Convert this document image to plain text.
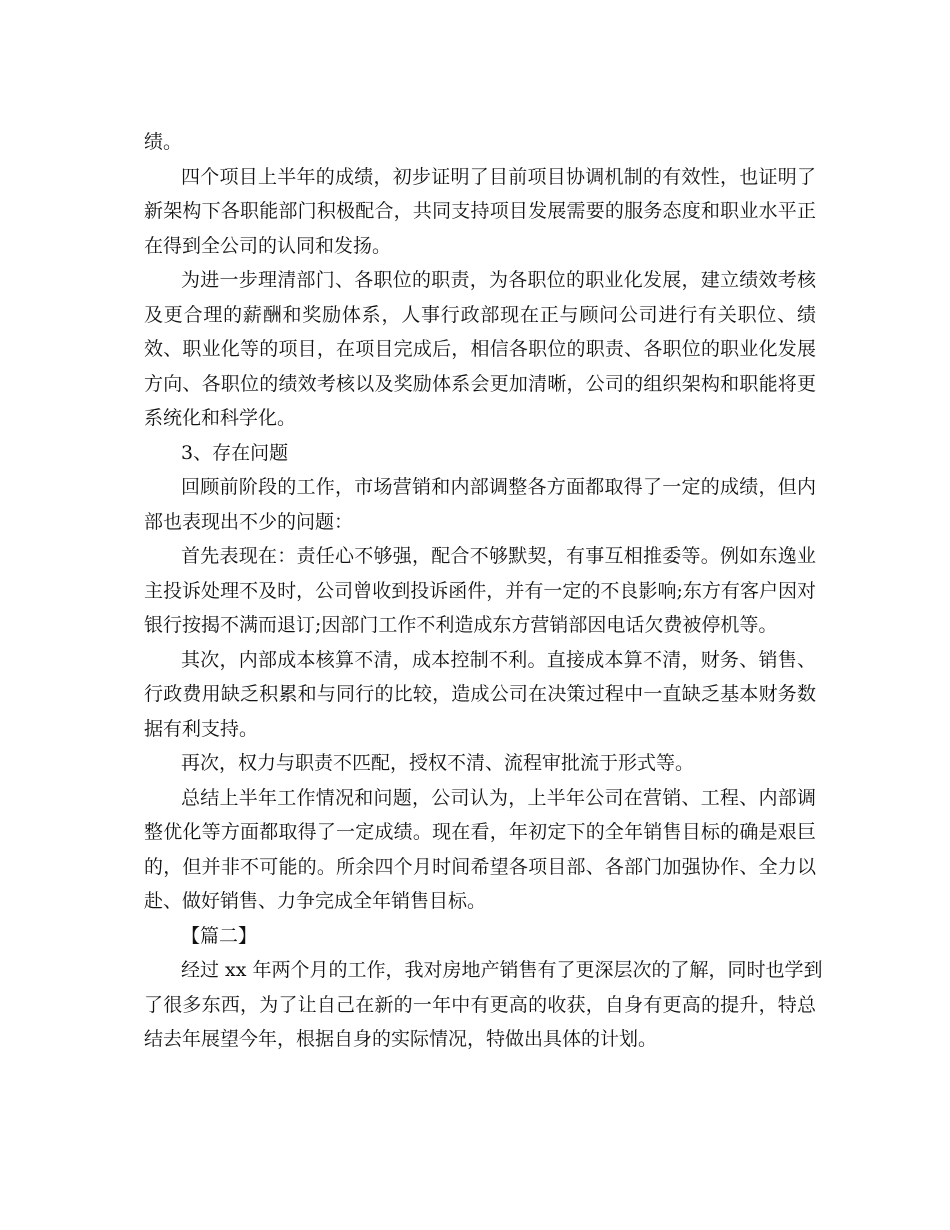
绩。
四个项目上半年的成绩，初步证明了目前项目协调机制的有效性，也证明了
新架构下各职能部门积极配合，共同支持项目发展需要的服务态度和职业水平正
在得到全公司的认同和发扬。
为进一步理清部门、各职位的职责，为各职位的职业化发展，建立绩效考核
及更合理的薪酬和奖励体系，人事行政部现在正与顾问公司进行有关职位、绩
效、职业化等的项目，在项目完成后，相信各职位的职责、各职位的职业化发展
方向、各职位的绩效考核以及奖励体系会更加清晰，公司的组织架构和职能将更
系统化和科学化。
3、存在问题
回顾前阶段的工作，市场营销和内部调整各方面都取得了一定的成绩，但内
部也表现出不少的问题：
首先表现在：责任心不够强，配合不够默契，有事互相推委等。例如东逸业
主投诉处理不及时，公司曾收到投诉函件，并有一定的不良影响;东方有客户因对
银行按揭不满而退订;因部门工作不利造成东方营销部因电话欠费被停机等。
其次，内部成本核算不清，成本控制不利。直接成本算不清，财务、销售、
行政费用缺乏积累和与同行的比较，造成公司在决策过程中一直缺乏基本财务数
据有利支持。
再次，权力与职责不匹配，授权不清、流程审批流于形式等。
总结上半年工作情况和问题，公司认为，上半年公司在营销、工程、内部调
整优化等方面都取得了一定成绩。现在看，年初定下的全年销售目标的确是艰巨
的，但并非不可能的。所余四个月时间希望各项目部、各部门加强协作、全力以
赴、做好销售、力争完成全年销售目标。
【篇二】
经过 xx 年两个月的工作，我对房地产销售有了更深层次的了解，同时也学到
了很多东西，为了让自己在新的一年中有更高的收获，自身有更高的提升，特总
结去年展望今年，根据自身的实际情况，特做出具体的计划。
